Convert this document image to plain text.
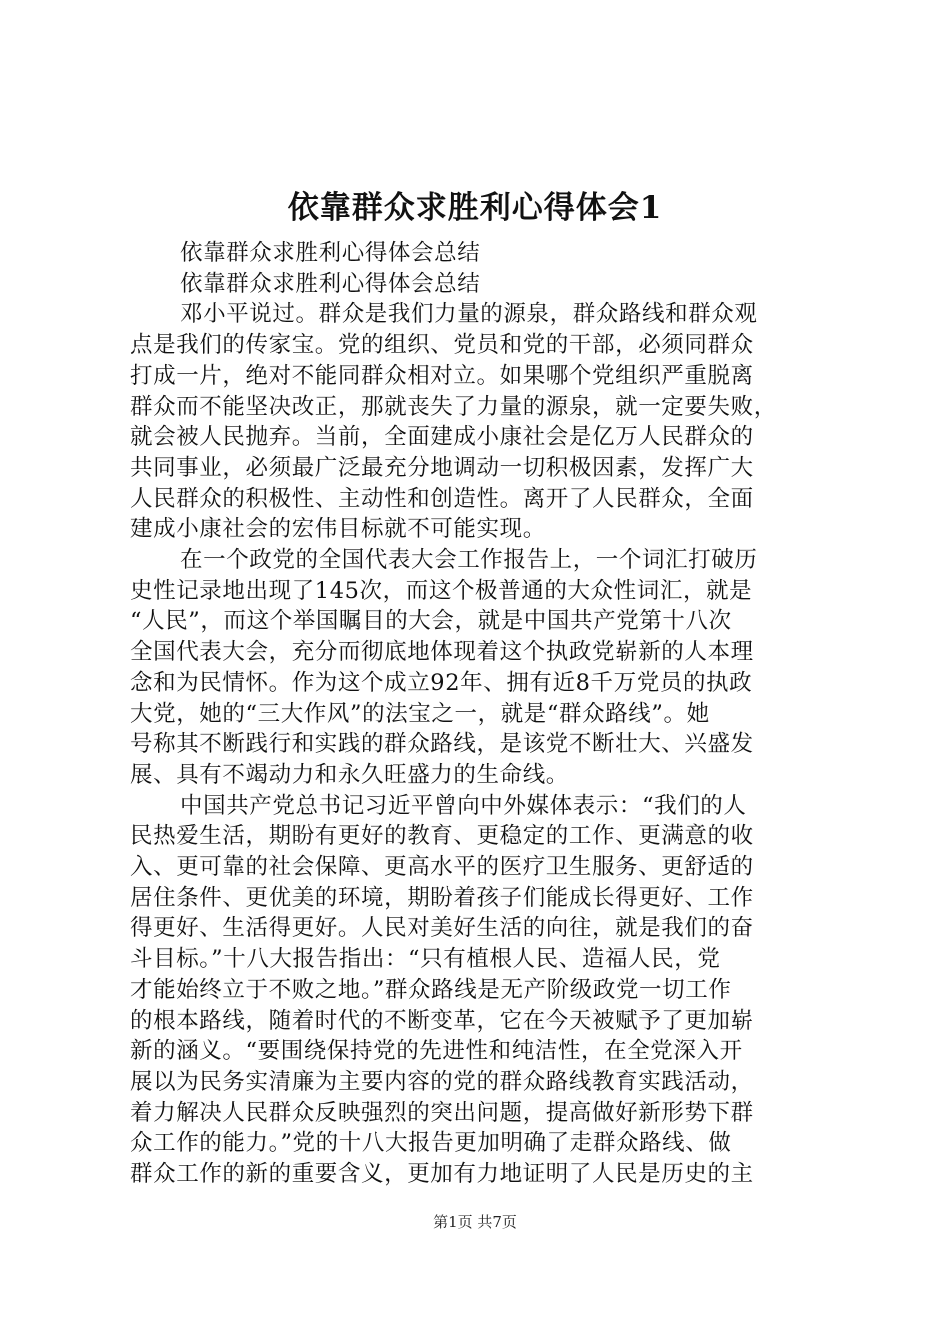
依靠群众求胜利心得体会1

依靠群众求胜利心得体会总结

依靠群众求胜利心得体会总结

邓小平说过。群众是我们力量的源泉，群众路线和群众观

点是我们的传家宝。党的组织、党员和党的干部，必须同群众

打成一片，绝对不能同群众相对立。如果哪个党组织严重脱离

群众而不能坚决改正，那就丧失了力量的源泉，就一定要失败，

就会被人民抛弃。当前，全面建成小康社会是亿万人民群众的

共同事业，必须最广泛最充分地调动一切积极因素，发挥广大

人民群众的积极性、主动性和创造性。离开了人民群众，全面

建成小康社会的宏伟目标就不可能实现。

在一个政党的全国代表大会工作报告上，一个词汇打破历

史性记录地出现了145次，而这个极普通的大众性词汇，就是

“人民”，而这个举国瞩目的大会，就是中国共产党第十八次

全国代表大会，充分而彻底地体现着这个执政党崭新的人本理

念和为民情怀。作为这个成立92年、拥有近8千万党员的执政

大党，她的“三大作风”的法宝之一，就是“群众路线”。她

号称其不断践行和实践的群众路线，是该党不断壮大、兴盛发

展、具有不竭动力和永久旺盛力的生命线。

中国共产党总书记习近平曾向中外媒体表示：“我们的人

民热爱生活，期盼有更好的教育、更稳定的工作、更满意的收

入、更可靠的社会保障、更高水平的医疗卫生服务、更舒适的

居住条件、更优美的环境，期盼着孩子们能成长得更好、工作

得更好、生活得更好。人民对美好生活的向往，就是我们的奋

斗目标。”十八大报告指出：“只有植根人民、造福人民，党

才能始终立于不败之地。”群众路线是无产阶级政党一切工作

的根本路线，随着时代的不断变革，它在今天被赋予了更加崭

新的涵义。“要围绕保持党的先进性和纯洁性，在全党深入开

展以为民务实清廉为主要内容的党的群众路线教育实践活动，

着力解决人民群众反映强烈的突出问题，提高做好新形势下群

众工作的能力。”党的十八大报告更加明确了走群众路线、做

群众工作的新的重要含义，更加有力地证明了人民是历史的主

第1页 共7页
